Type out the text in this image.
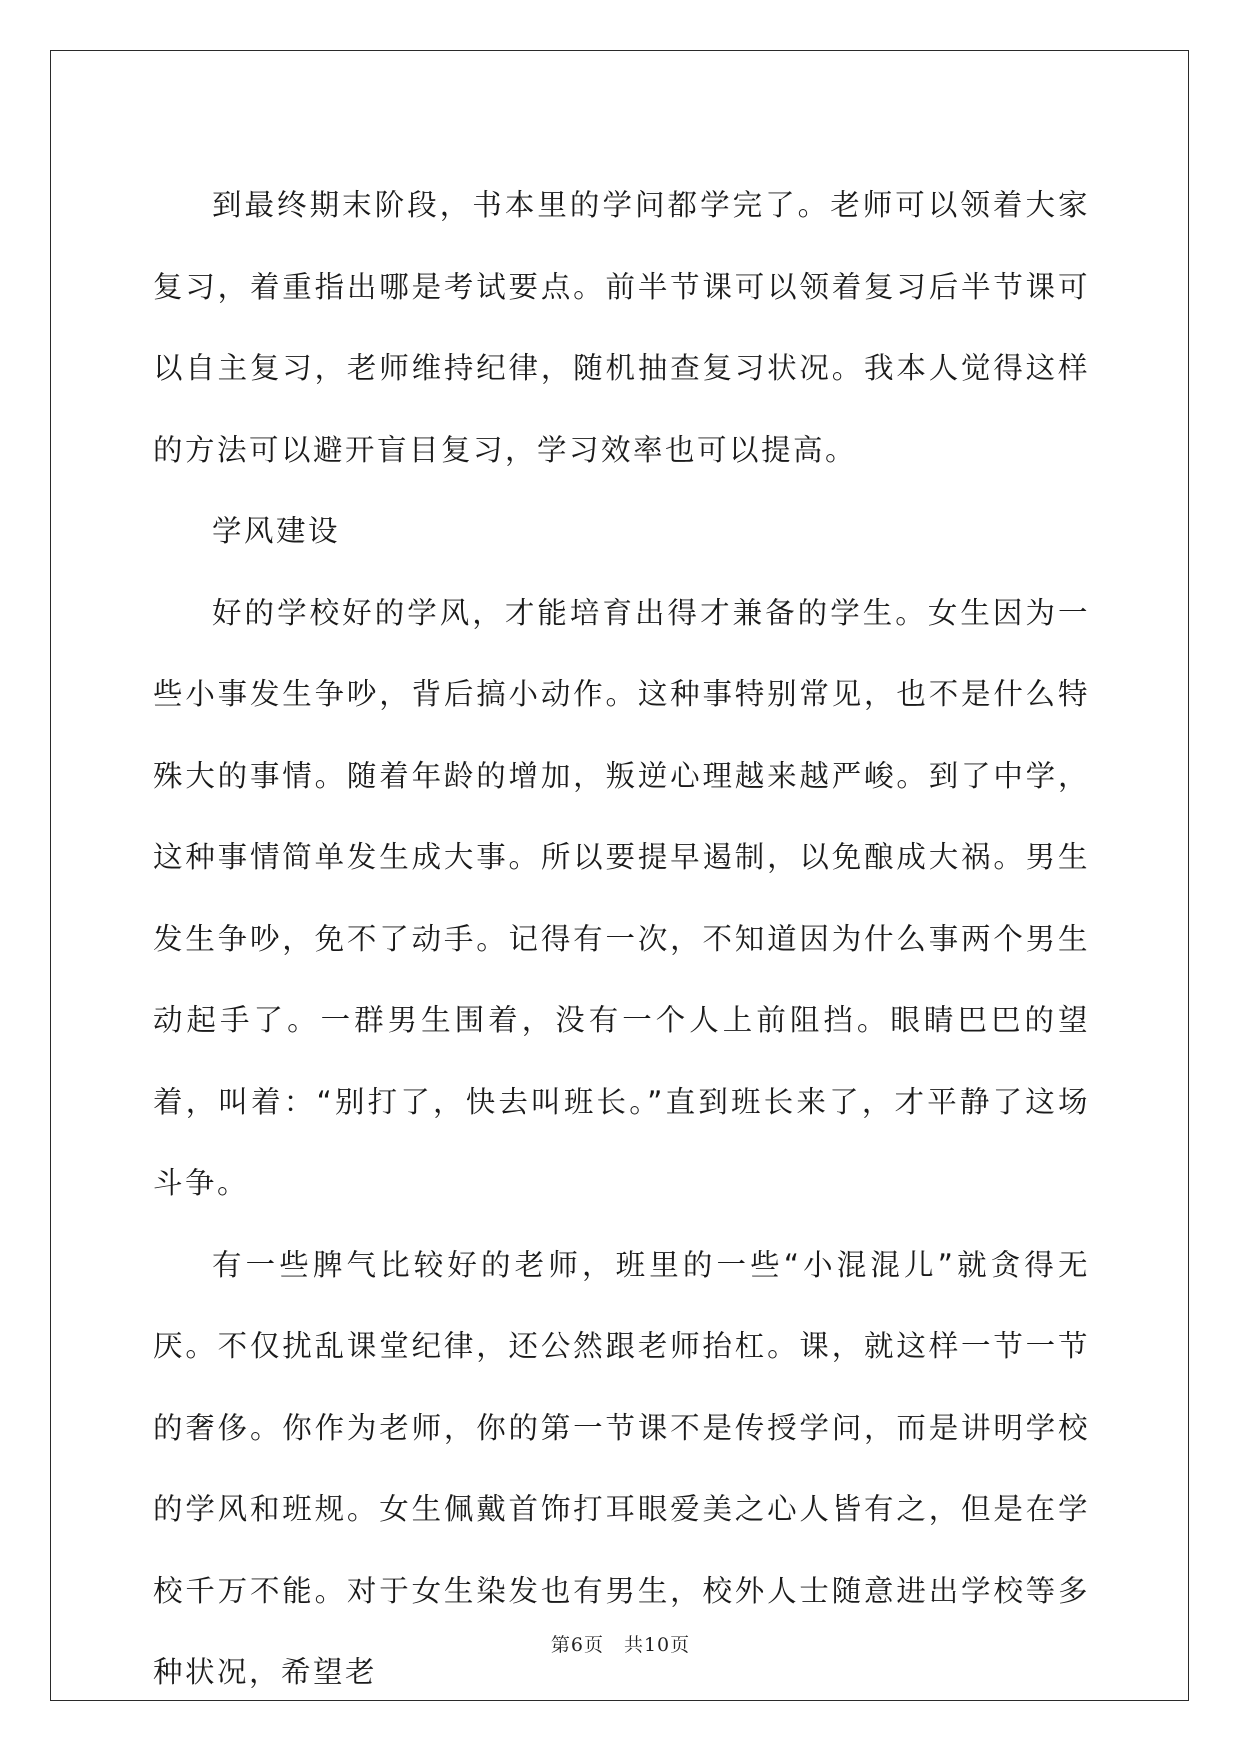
到最终期末阶段，书本里的学问都学完了。老师可以领着大家复习，着重指出哪是考试要点。前半节课可以领着复习后半节课可以自主复习，老师维持纪律，随机抽查复习状况。我本人觉得这样的方法可以避开盲目复习，学习效率也可以提高。

学风建设

好的学校好的学风，才能培育出得才兼备的学生。女生因为一些小事发生争吵，背后搞小动作。这种事特别常见，也不是什么特殊大的事情。随着年龄的增加，叛逆心理越来越严峻。到了中学，这种事情简单发生成大事。所以要提早遏制，以免酿成大祸。男生发生争吵，免不了动手。记得有一次，不知道因为什么事两个男生动起手了。一群男生围着，没有一个人上前阻挡。眼睛巴巴的望着，叫着：“别打了，快去叫班长。”直到班长来了，才平静了这场斗争。

有一些脾气比较好的老师，班里的一些“小混混儿”就贪得无厌。不仅扰乱课堂纪律，还公然跟老师抬杠。课，就这样一节一节的奢侈。你作为老师，你的第一节课不是传授学问，而是讲明学校的学风和班规。女生佩戴首饰打耳眼爱美之心人皆有之，但是在学校千万不能。对于女生染发也有男生，校外人士随意进出学校等多种状况，希望老

第6页　共10页
